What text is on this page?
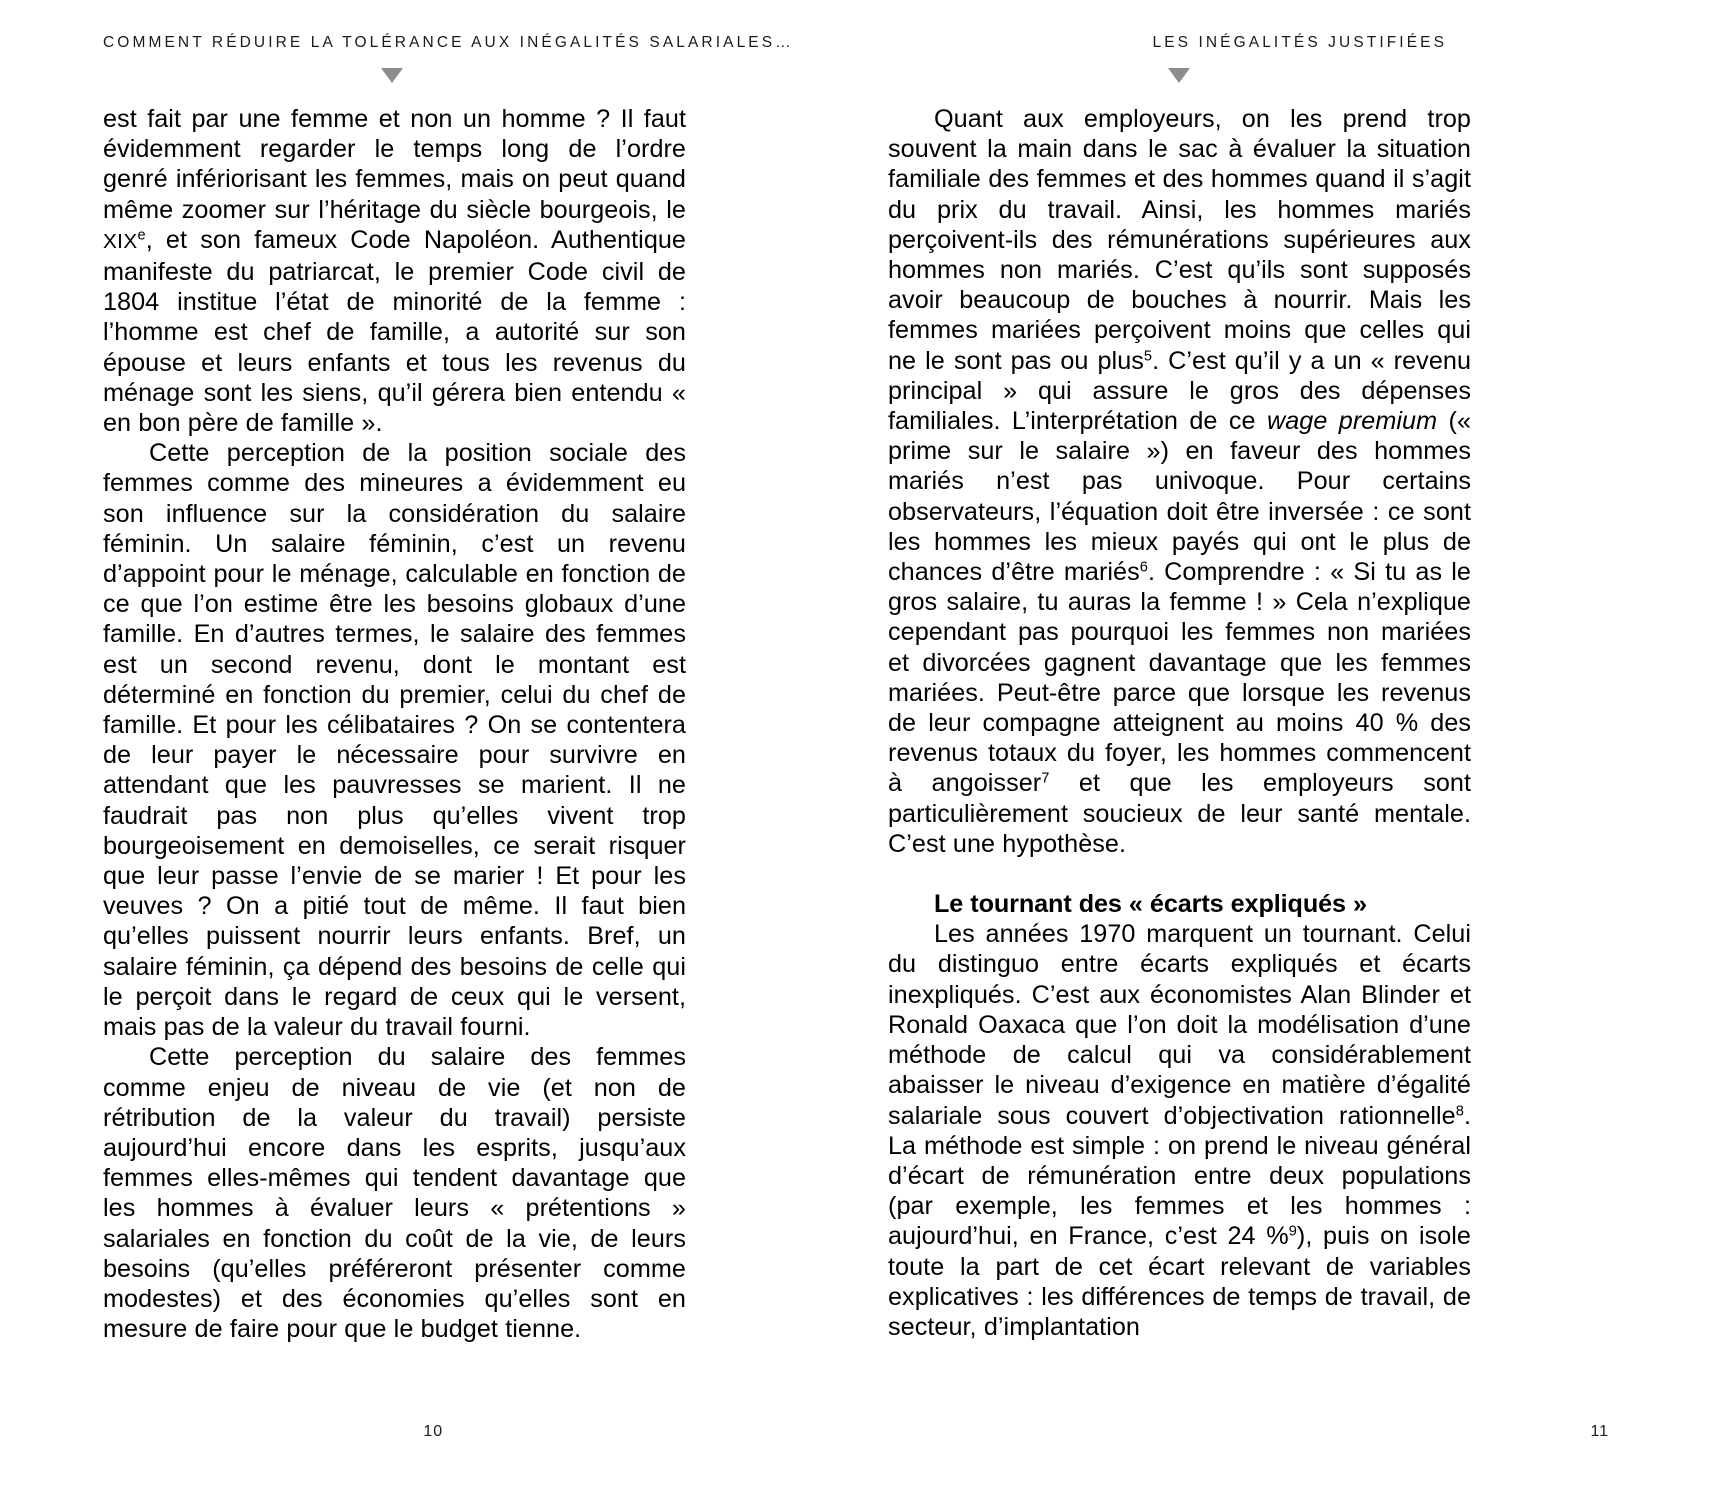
COMMENT RÉDUIRE LA TOLÉRANCE AUX INÉGALITÉS SALARIALES…

est fait par une femme et non un homme ? Il faut évidemment regarder le temps long de l’ordre genré infériorisant les femmes, mais on peut quand même zoomer sur l’héritage du siècle bourgeois, le XIXe, et son fameux Code Napoléon. Authentique manifeste du patriarcat, le premier Code civil de 1804 institue l’état de minorité de la femme : l’homme est chef de famille, a autorité sur son épouse et leurs enfants et tous les revenus du ménage sont les siens, qu’il gérera bien entendu « en bon père de famille ».

Cette perception de la position sociale des femmes comme des mineures a évidemment eu son influence sur la considération du salaire féminin. Un salaire féminin, c’est un revenu d’appoint pour le ménage, calculable en fonction de ce que l’on estime être les besoins globaux d’une famille. En d’autres termes, le salaire des femmes est un second revenu, dont le montant est déterminé en fonction du premier, celui du chef de famille. Et pour les célibataires ? On se contentera de leur payer le nécessaire pour survivre en attendant que les pauvresses se marient. Il ne faudrait pas non plus qu’elles vivent trop bourgeoisement en demoiselles, ce serait risquer que leur passe l’envie de se marier ! Et pour les veuves ? On a pitié tout de même. Il faut bien qu’elles puissent nourrir leurs enfants. Bref, un salaire féminin, ça dépend des besoins de celle qui le perçoit dans le regard de ceux qui le versent, mais pas de la valeur du travail fourni.

Cette perception du salaire des femmes comme enjeu de niveau de vie (et non de rétribution de la valeur du travail) persiste aujourd’hui encore dans les esprits, jusqu’aux femmes elles-mêmes qui tendent davantage que les hommes à évaluer leurs « prétentions » salariales en fonction du coût de la vie, de leurs besoins (qu’elles préféreront présenter comme modestes) et des économies qu’elles sont en mesure de faire pour que le budget tienne.

10
LES INÉGALITÉS JUSTIFIÉES

Quant aux employeurs, on les prend trop souvent la main dans le sac à évaluer la situation familiale des femmes et des hommes quand il s’agit du prix du travail. Ainsi, les hommes mariés perçoivent-ils des rémunérations supérieures aux hommes non mariés. C’est qu’ils sont supposés avoir beaucoup de bouches à nourrir. Mais les femmes mariées perçoivent moins que celles qui ne le sont pas ou plus$^5$. C’est qu’il y a un « revenu principal » qui assure le gros des dépenses familiales. L’interprétation de ce wage premium (« prime sur le salaire ») en faveur des hommes mariés n’est pas univoque. Pour certains observateurs, l’équation doit être inversée : ce sont les hommes les mieux payés qui ont le plus de chances d’être mariés$^6$. Comprendre : « Si tu as le gros salaire, tu auras la femme ! » Cela n’explique cependant pas pourquoi les femmes non mariées et divorcées gagnent davantage que les femmes mariées. Peut-être parce que lorsque les revenus de leur compagne atteignent au moins 40 % des revenus totaux du foyer, les hommes commencent à angoisser$^7$ et que les employeurs sont particulièrement soucieux de leur santé mentale. C’est une hypothèse.

Le tournant des « écarts expliqués »

Les années 1970 marquent un tournant. Celui du distinguo entre écarts expliqués et écarts inexpliqués. C’est aux économistes Alan Blinder et Ronald Oaxaca que l’on doit la modélisation d’une méthode de calcul qui va considérablement abaisser le niveau d’exigence en matière d’égalité salariale sous couvert d’objectivation rationnelle$^8$. La méthode est simple : on prend le niveau général d’écart de rémunération entre deux populations (par exemple, les femmes et les hommes : aujourd’hui, en France, c’est 24 %$^9$), puis on isole toute la part de cet écart relevant de variables explicatives : les différences de temps de travail, de secteur, d’implantation

11
